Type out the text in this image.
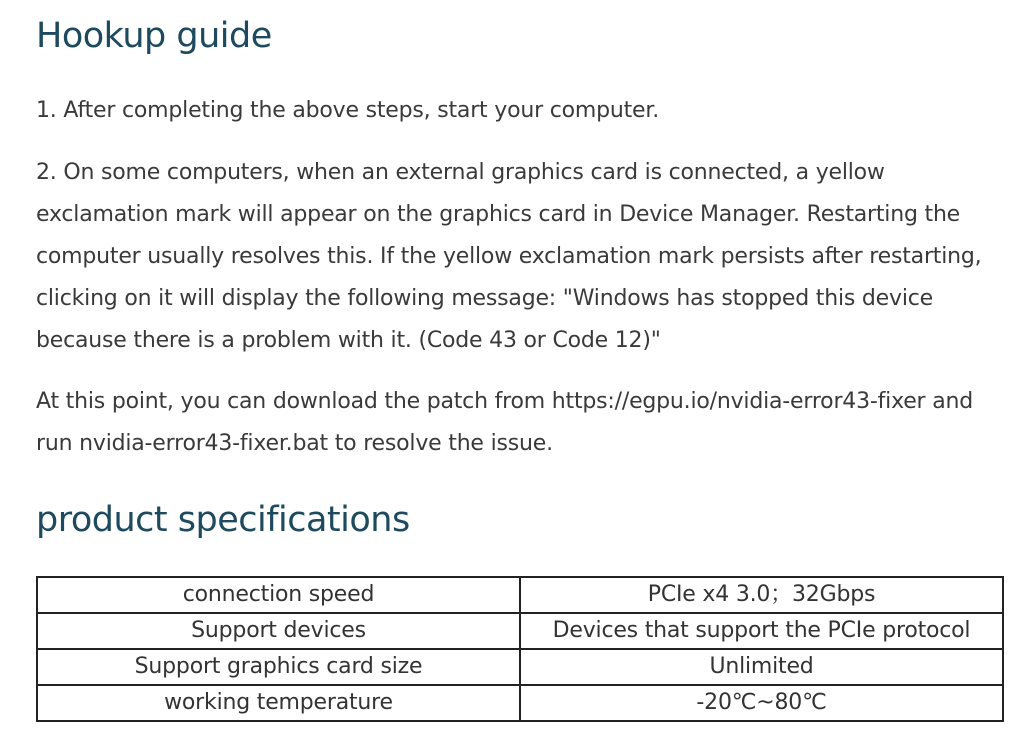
Hookup guide

1. After completing the above steps, start your computer.

2. On some computers, when an external graphics card is connected, a yellow exclamation mark will appear on the graphics card in Device Manager. Restarting the computer usually resolves this. If the yellow exclamation mark persists after restarting, clicking on it will display the following message: "Windows has stopped this device because there is a problem with it. (Code 43 or Code 12)"

At this point, you can download the patch from https://egpu.io/nvidia-error43-fixer and run nvidia-error43-fixer.bat to resolve the issue.

product specifications
connection speed	PCIe x4 3.0；32Gbps
Support devices	Devices that support the PCIe protocol
Support graphics card size	Unlimited
working temperature	-20℃~80℃
